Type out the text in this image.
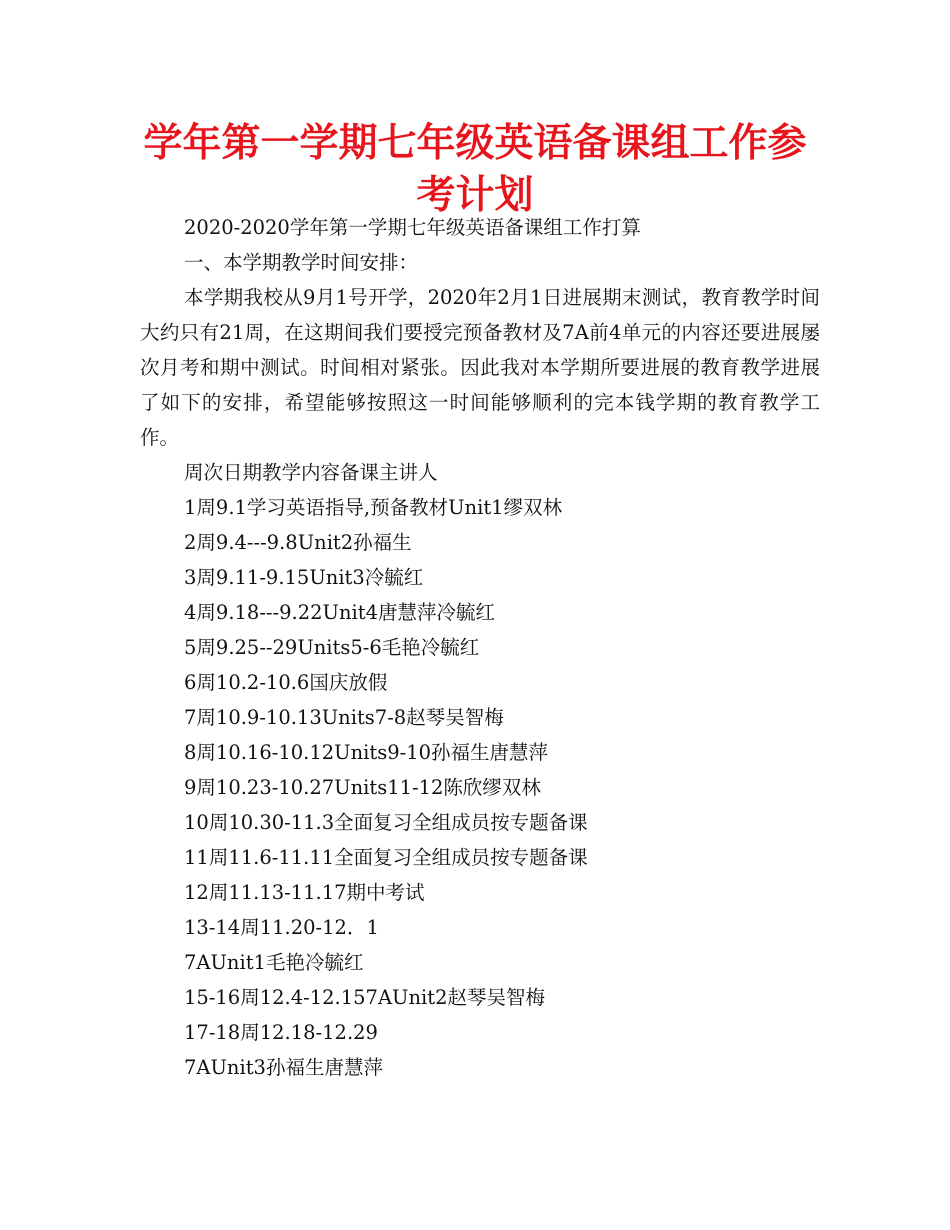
学年第一学期七年级英语备课组工作参考计划
2020-2020学年第一学期七年级英语备课组工作打算
一、本学期教学时间安排：
本学期我校从9月1号开学，2020年2月1日进展期末测试，教育教学时间大约只有21周，在这期间我们要授完预备教材及7A前4单元的内容还要进展屡次月考和期中测试。时间相对紧张。因此我对本学期所要进展的教育教学进展了如下的安排，希望能够按照这一时间能够顺利的完本钱学期的教育教学工作。
周次日期教学内容备课主讲人
1周9.1学习英语指导,预备教材Unit1缪双林
2周9.4---9.8Unit2孙福生
3周9.11-9.15Unit3冷毓红
4周9.18---9.22Unit4唐慧萍冷毓红
5周9.25--29Units5-6毛艳冷毓红
6周10.2-10.6国庆放假
7周10.9-10.13Units7-8赵琴吴智梅
8周10.16-10.12Units9-10孙福生唐慧萍
9周10.23-10.27Units11-12陈欣缪双林
10周10.30-11.3全面复习全组成员按专题备课
11周11.6-11.11全面复习全组成员按专题备课
12周11.13-11.17期中考试
13-14周11.20-12．1
7AUnit1毛艳冷毓红
15-16周12.4-12.157AUnit2赵琴吴智梅
17-18周12.18-12.29
7AUnit3孙福生唐慧萍
